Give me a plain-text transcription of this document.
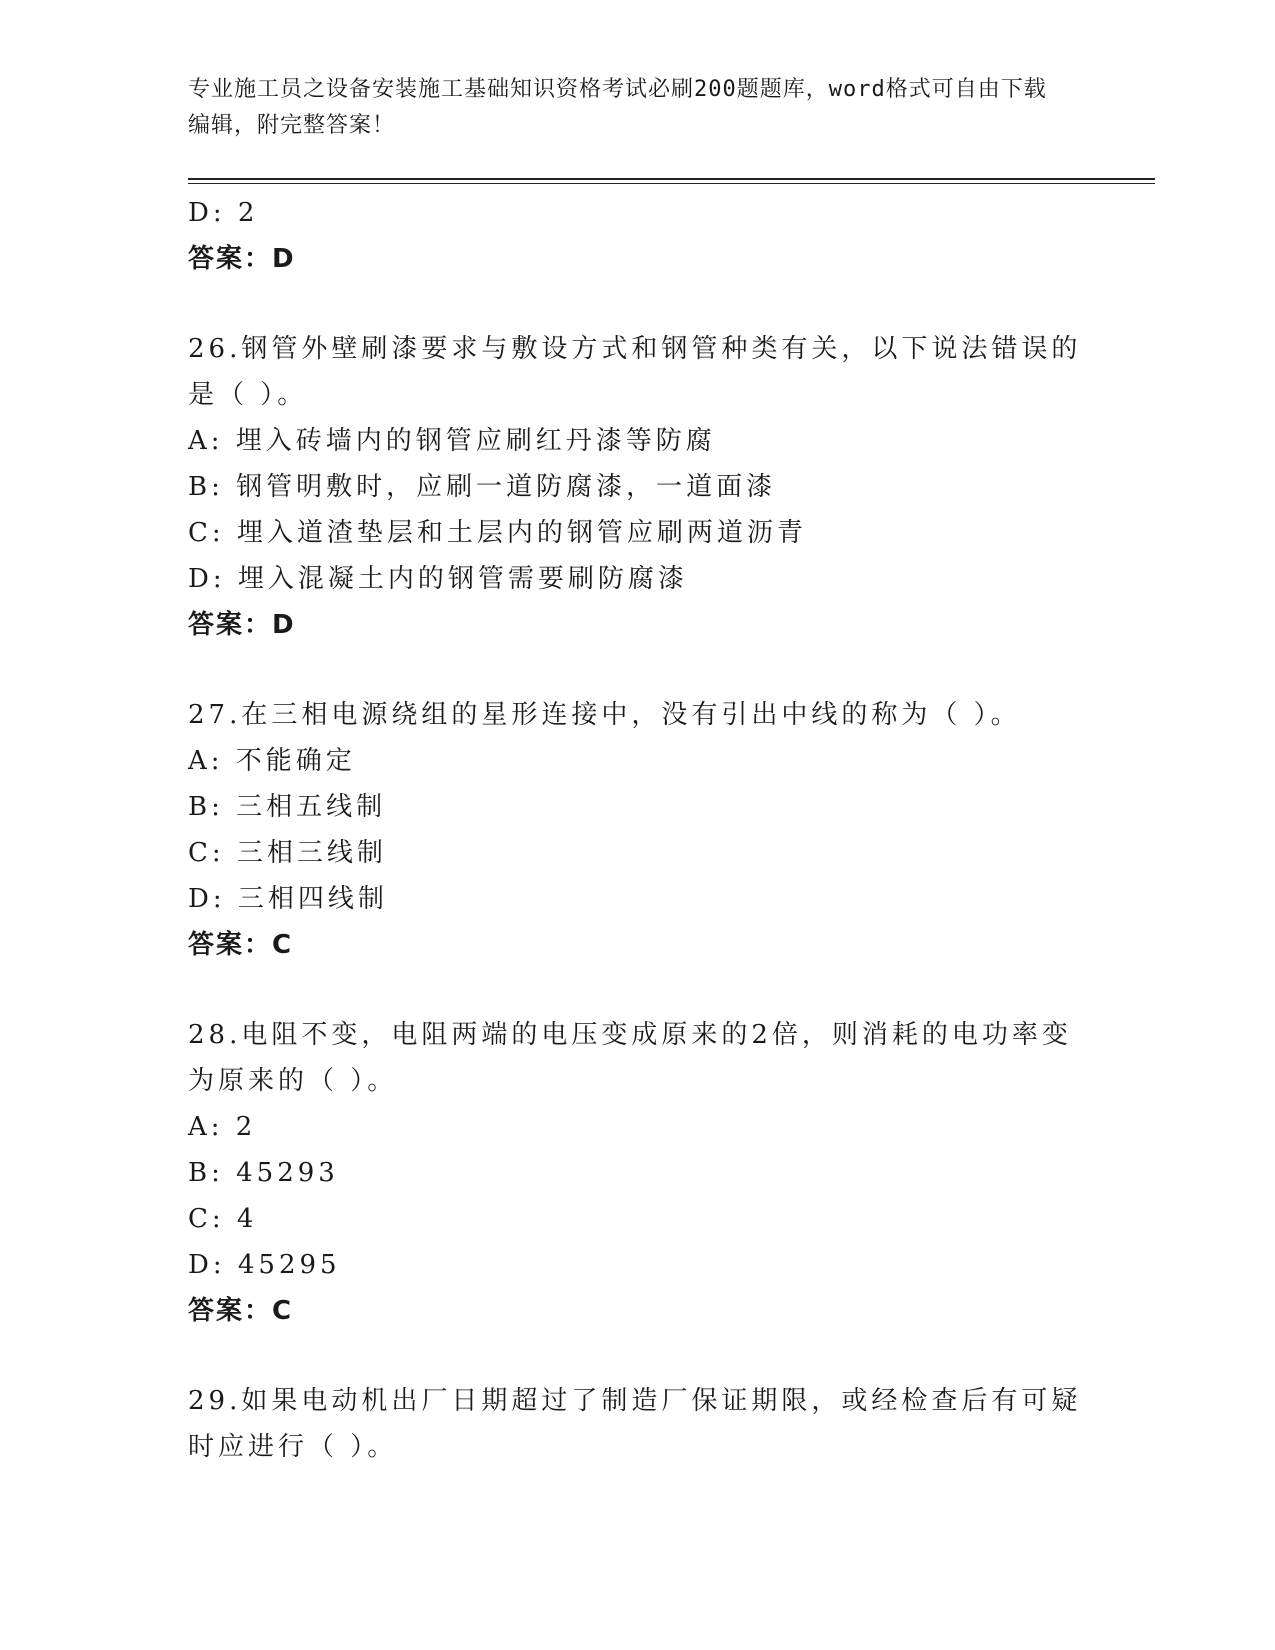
专业施工员之设备安装施工基础知识资格考试必刷200题题库，word格式可自由下载编辑，附完整答案！
D: 2
答案：D
26.钢管外壁刷漆要求与敷设方式和钢管种类有关，以下说法错误的是（ ）。
A: 埋入砖墙内的钢管应刷红丹漆等防腐
B: 钢管明敷时，应刷一道防腐漆，一道面漆
C: 埋入道渣垫层和土层内的钢管应刷两道沥青
D: 埋入混凝土内的钢管需要刷防腐漆
答案：D
27.在三相电源绕组的星形连接中，没有引出中线的称为（ ）。
A: 不能确定
B: 三相五线制
C: 三相三线制
D: 三相四线制
答案：C
28.电阻不变，电阻两端的电压变成原来的2倍，则消耗的电功率变为原来的（ ）。
A: 2
B: 45293
C: 4
D: 45295
答案：C
29.如果电动机出厂日期超过了制造厂保证期限，或经检查后有可疑时应进行（ ）。
